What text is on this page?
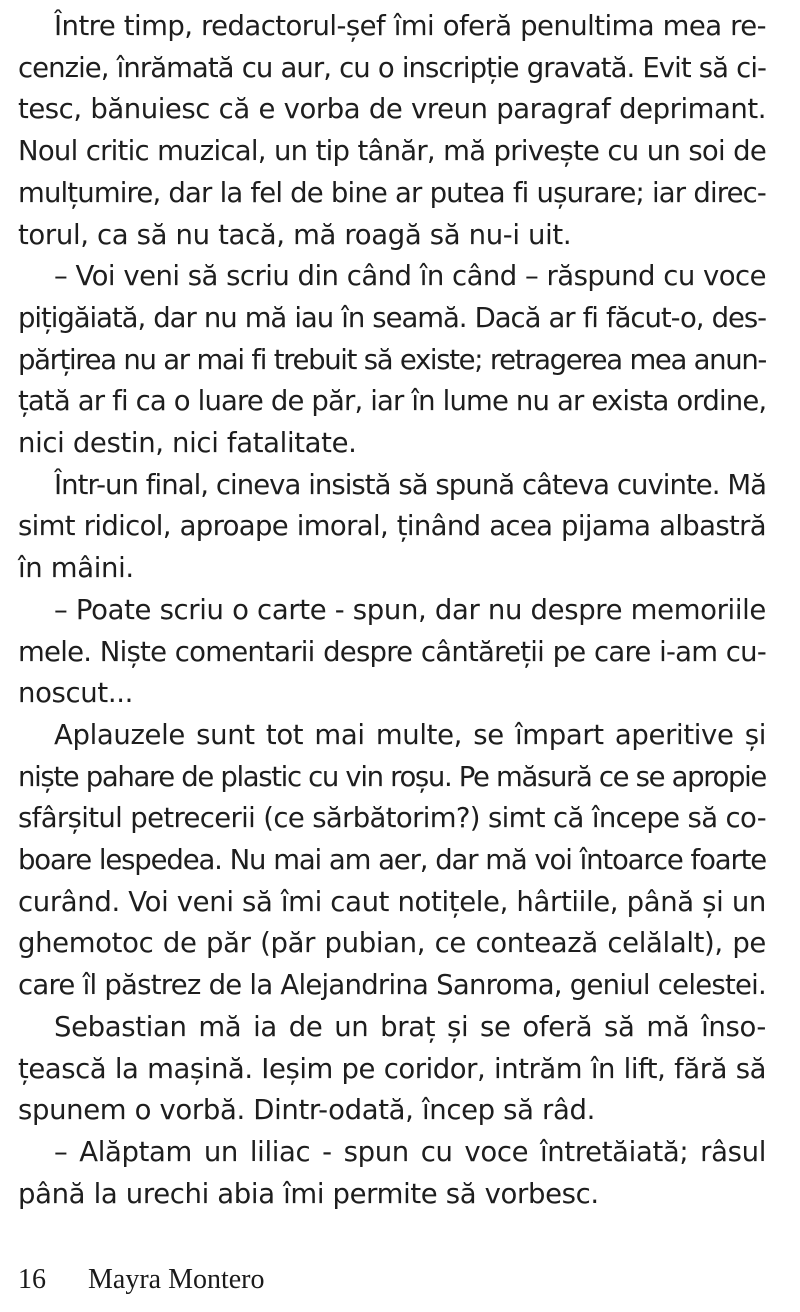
Între timp, redactorul-șef îmi oferă penultima mea re-
cenzie, înrămată cu aur, cu o inscripție gravată. Evit să ci-
tesc, bănuiesc că e vorba de vreun paragraf deprimant.
Noul critic muzical, un tip tânăr, mă privește cu un soi de
mulțumire, dar la fel de bine ar putea fi ușurare; iar direc-
torul, ca să nu tacă, mă roagă să nu-i uit.
– Voi veni să scriu din când în când – răspund cu voce
pițigăiată, dar nu mă iau în seamă. Dacă ar fi făcut-o, des-
părțirea nu ar mai fi trebuit să existe; retragerea mea anun-
țată ar fi ca o luare de păr, iar în lume nu ar exista ordine,
nici destin, nici fatalitate.
Într-un final, cineva insistă să spună câteva cuvinte. Mă
simt ridicol, aproape imoral, ținând acea pijama albastră
în mâini.
– Poate scriu o carte - spun, dar nu despre memoriile
mele. Niște comentarii despre cântăreții pe care i-am cu-
noscut...
Aplauzele sunt tot mai multe, se împart aperitive și
niște pahare de plastic cu vin roșu. Pe măsură ce se apropie
sfârșitul petrecerii (ce sărbătorim?) simt că începe să co-
boare lespedea. Nu mai am aer, dar mă voi întoarce foarte
curând. Voi veni să îmi caut notițele, hârtiile, până și un
ghemotoc de păr (păr pubian, ce contează celălalt), pe
care îl păstrez de la Alejandrina Sanroma, geniul celestei.
Sebastian mă ia de un braț și se oferă să mă înso-
țească la mașină. Ieșim pe coridor, intrăm în lift, fără să
spunem o vorbă. Dintr-odată, încep să râd.
– Alăptam un liliac - spun cu voce întretăiată; râsul
până la urechi abia îmi permite să vorbesc.
16 Mayra Montero
